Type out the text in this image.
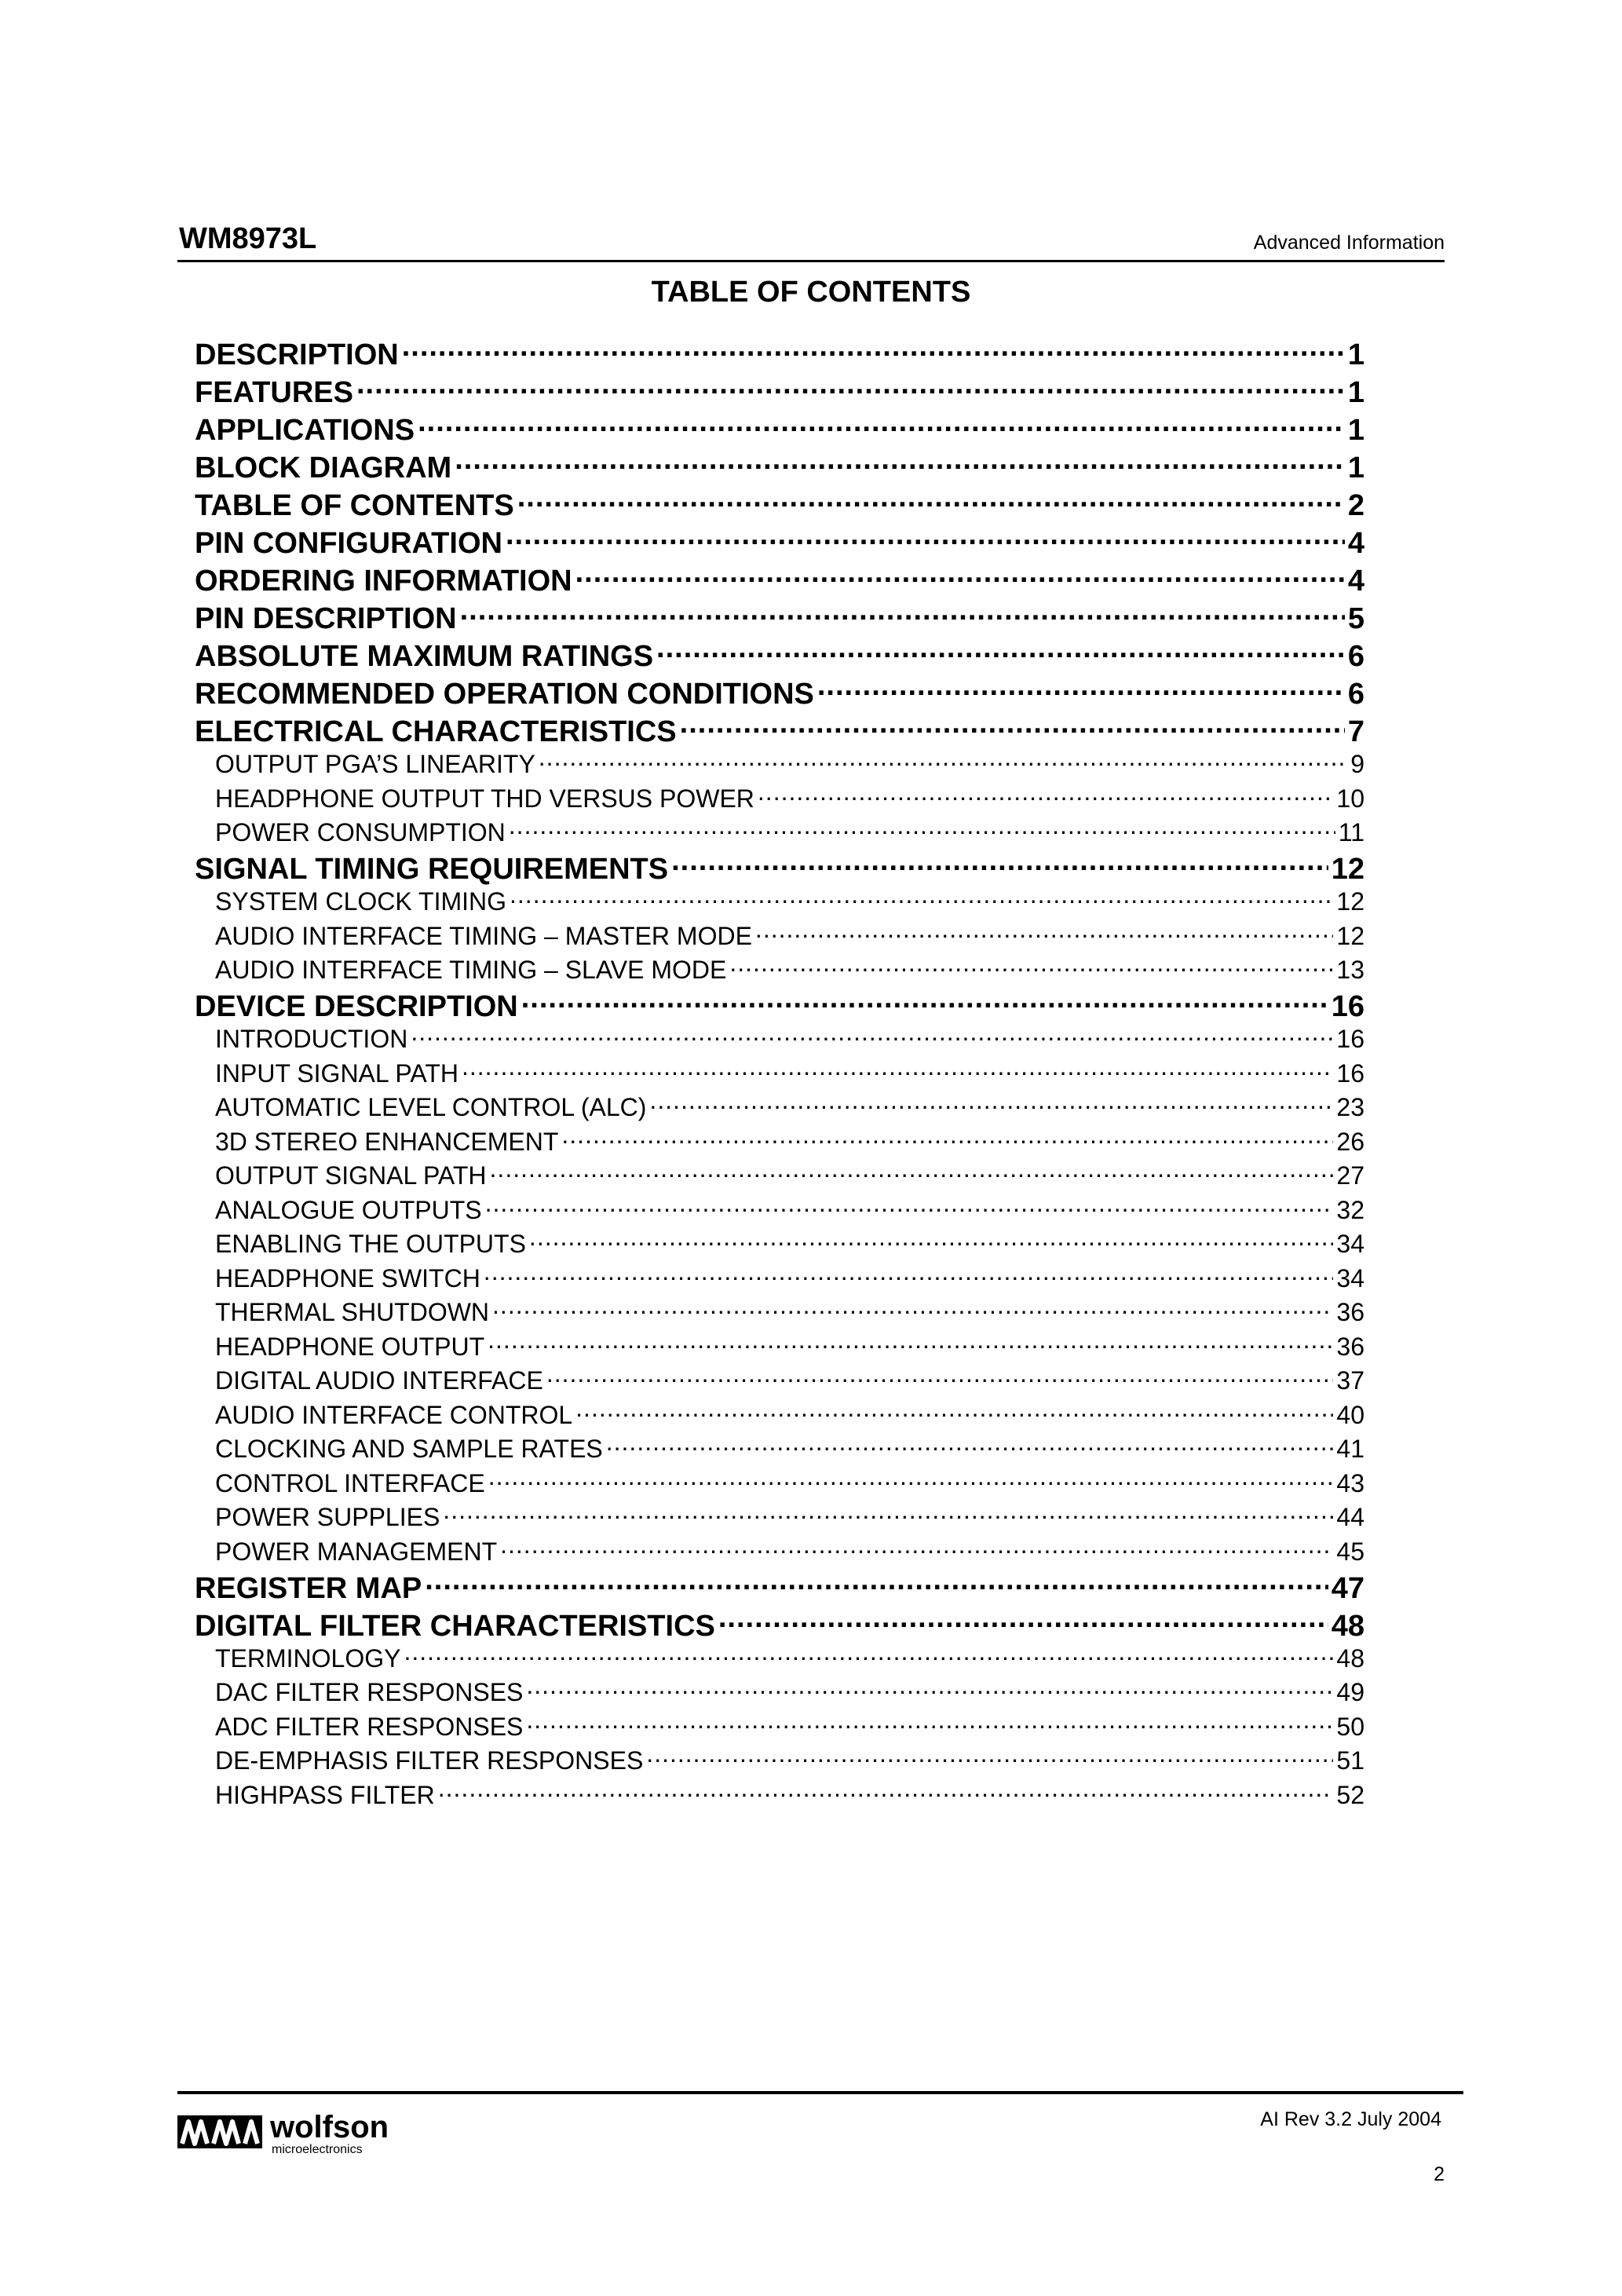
WM8973L	Advanced Information
TABLE OF CONTENTS
DESCRIPTION .....	1
FEATURES .....	1
APPLICATIONS .....	1
BLOCK DIAGRAM .....	1
TABLE OF CONTENTS .....	2
PIN CONFIGURATION .....	4
ORDERING INFORMATION .....	4
PIN DESCRIPTION .....	5
ABSOLUTE MAXIMUM RATINGS .....	6
RECOMMENDED OPERATION CONDITIONS .....	6
ELECTRICAL CHARACTERISTICS .....	7
OUTPUT PGA’S LINEARITY .....	9
HEADPHONE OUTPUT THD VERSUS POWER .....	10
POWER CONSUMPTION .....	11
SIGNAL TIMING REQUIREMENTS .....	12
SYSTEM CLOCK TIMING .....	12
AUDIO INTERFACE TIMING – MASTER MODE .....	12
AUDIO INTERFACE TIMING – SLAVE MODE .....	13
DEVICE DESCRIPTION .....	16
INTRODUCTION .....	16
INPUT SIGNAL PATH .....	16
AUTOMATIC LEVEL CONTROL (ALC) .....	23
3D STEREO ENHANCEMENT .....	26
OUTPUT SIGNAL PATH .....	27
ANALOGUE OUTPUTS .....	32
ENABLING THE OUTPUTS .....	34
HEADPHONE SWITCH .....	34
THERMAL SHUTDOWN .....	36
HEADPHONE OUTPUT .....	36
DIGITAL AUDIO INTERFACE .....	37
AUDIO INTERFACE CONTROL .....	40
CLOCKING AND SAMPLE RATES .....	41
CONTROL INTERFACE .....	43
POWER SUPPLIES .....	44
POWER MANAGEMENT .....	45
REGISTER MAP .....	47
DIGITAL FILTER CHARACTERISTICS .....	48
TERMINOLOGY .....	48
DAC FILTER RESPONSES .....	49
ADC FILTER RESPONSES .....	50
DE-EMPHASIS FILTER RESPONSES .....	51
HIGHPASS FILTER .....	52
wolfson
microelectronics
AI Rev 3.2 July 2004
2
